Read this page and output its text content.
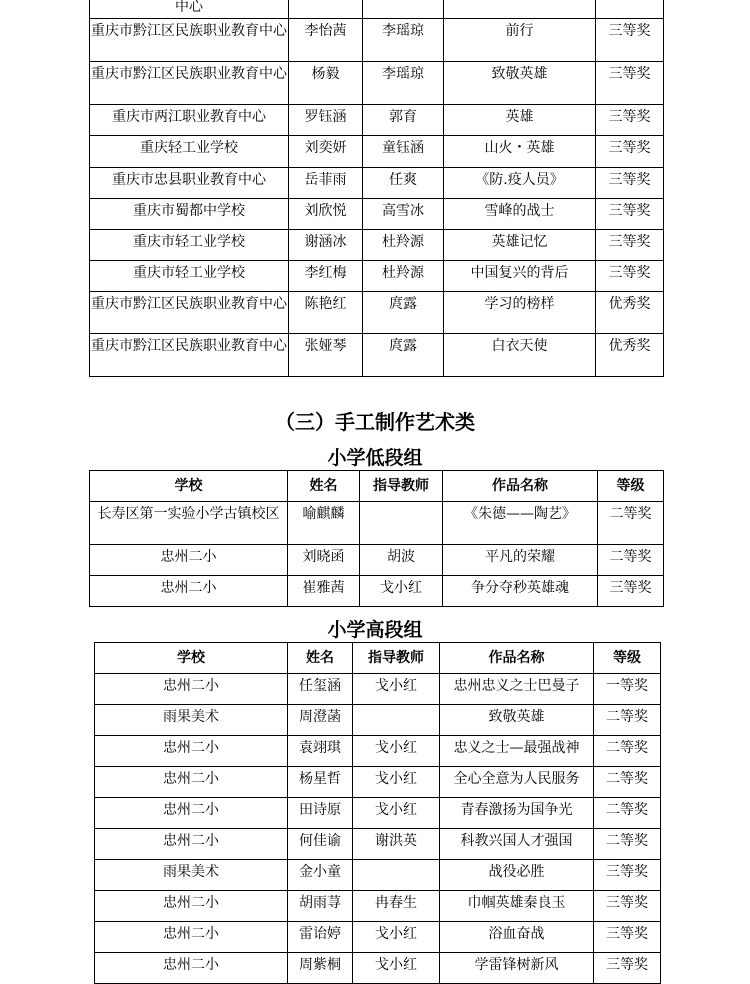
中心				
重庆市黔江区民族职业教育中心	李怡茜	李瑶琼	前行	三等奖
重庆市黔江区民族职业教育中心	杨毅	李瑶琼	致敬英雄	三等奖
重庆市两江职业教育中心	罗钰涵	郭育	英雄	三等奖
重庆轻工业学校	刘奕妍	童钰涵	山火・英雄	三等奖
重庆市忠县职业教育中心	岳菲雨	任爽	《防.疫人员》	三等奖
重庆市蜀都中学校	刘欣悦	高雪冰	雪峰的战士	三等奖
重庆市轻工业学校	谢涵冰	杜羚源	英雄记忆	三等奖
重庆市轻工业学校	李红梅	杜羚源	中国复兴的背后	三等奖
重庆市黔江区民族职业教育中心	陈艳红	庹露	学习的榜样	优秀奖
重庆市黔江区民族职业教育中心	张娅琴	庹露	白衣天使	优秀奖
（三）手工制作艺术类
小学低段组
学校	姓名	指导教师	作品名称	等级
长寿区第一实验小学古镇校区	喻麒麟		《朱德——陶艺》	二等奖
忠州二小	刘晓函	胡波	平凡的荣耀	二等奖
忠州二小	崔雅茜	戈小红	争分夺秒英雄魂	三等奖
小学高段组
学校	姓名	指导教师	作品名称	等级
忠州二小	任玺涵	戈小红	忠州忠义之士巴曼子	一等奖
雨果美术	周澄菡		致敬英雄	二等奖
忠州二小	袁翊琪	戈小红	忠义之士—最强战神	二等奖
忠州二小	杨星哲	戈小红	全心全意为人民服务	二等奖
忠州二小	田诗原	戈小红	青春激扬为国争光	二等奖
忠州二小	何佳谕	谢洪英	科教兴国人才强国	二等奖
雨果美术	金小童		战役必胜	三等奖
忠州二小	胡雨荨	冉春生	巾帼英雄秦良玉	三等奖
忠州二小	雷诒婷	戈小红	浴血奋战	三等奖
忠州二小	周紫桐	戈小红	学雷锋树新风	三等奖
